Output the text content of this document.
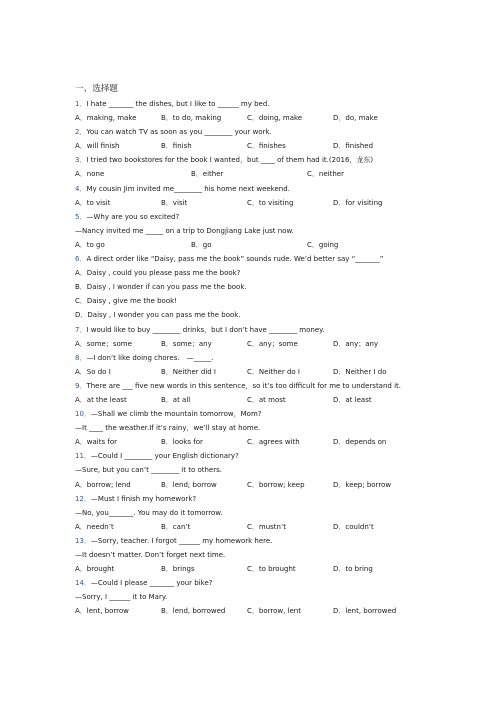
一、选择题
1．I hate _______ the dishes, but I like to ______ my bed.
A．making, make	B．to do, making	C．doing, make	D．do, make
2．You can watch TV as soon as you ________ your work.
A．will finish	B．finish	C．finishes	D．finished
3．I tried two bookstores for the book I wanted，but ____ of them had it.(2016，龙东)
A．none	B．either	C．neither
4．My cousin Jim invited me________ his home next weekend.
A．to visit	B．visit	C．to visiting	D．for visiting
5．—Why are you so excited?
—Nancy invited me _____ on a trip to Dongjiang Lake just now.
A．to go	B．go	C．going
6．A direct order like “Daisy, pass me the book” sounds rude. We’d better say “_______”
A．Daisy , could you please pass me the book?
B．Daisy , I wonder if can you pass me the book.
C．Daisy , give me the book!
D．Daisy , I wonder you can pass me the book.
7．I would like to buy ________ drinks，but I don’t have ________ money.
A．some；some	B．some；any	C．any；some	D．any；any
8．—I don’t like doing chores.　—_____.
A．So do I	B．Neither did I	C．Neither do I	D．Neither I do
9．There are ___ five new words in this sentence，so it’s too difficult for me to understand it.
A．at the least	B．at all	C．at most	D．at least
10．—Shall we climb the mountain tomorrow，Mom?
—It ____ the weather.If it’s rainy，we’ll stay at home.
A．waits for	B．looks for	C．agrees with	D．depends on
11．—Could I ________ your English dictionary?
—Sure, but you can’t ________ it to others.
A．borrow; lend	B．lend; borrow	C．borrow; keep	D．keep; borrow
12．—Must I finish my homework?
—No, you_______. You may do it tomorrow.
A．needn’t	B．can’t	C．mustn’t	D．couldn’t
13．—Sorry, teacher. I forgot ______ my homework here.
—It doesn’t matter. Don’t forget next time.
A．brought	B．brings	C．to brought	D．to bring
14．—Could I please _______ your bike?
—Sorry, I ______ it to Mary.
A．lent, borrow	B．lend, borrowed	C．borrow, lent	D．lent, borrowed
